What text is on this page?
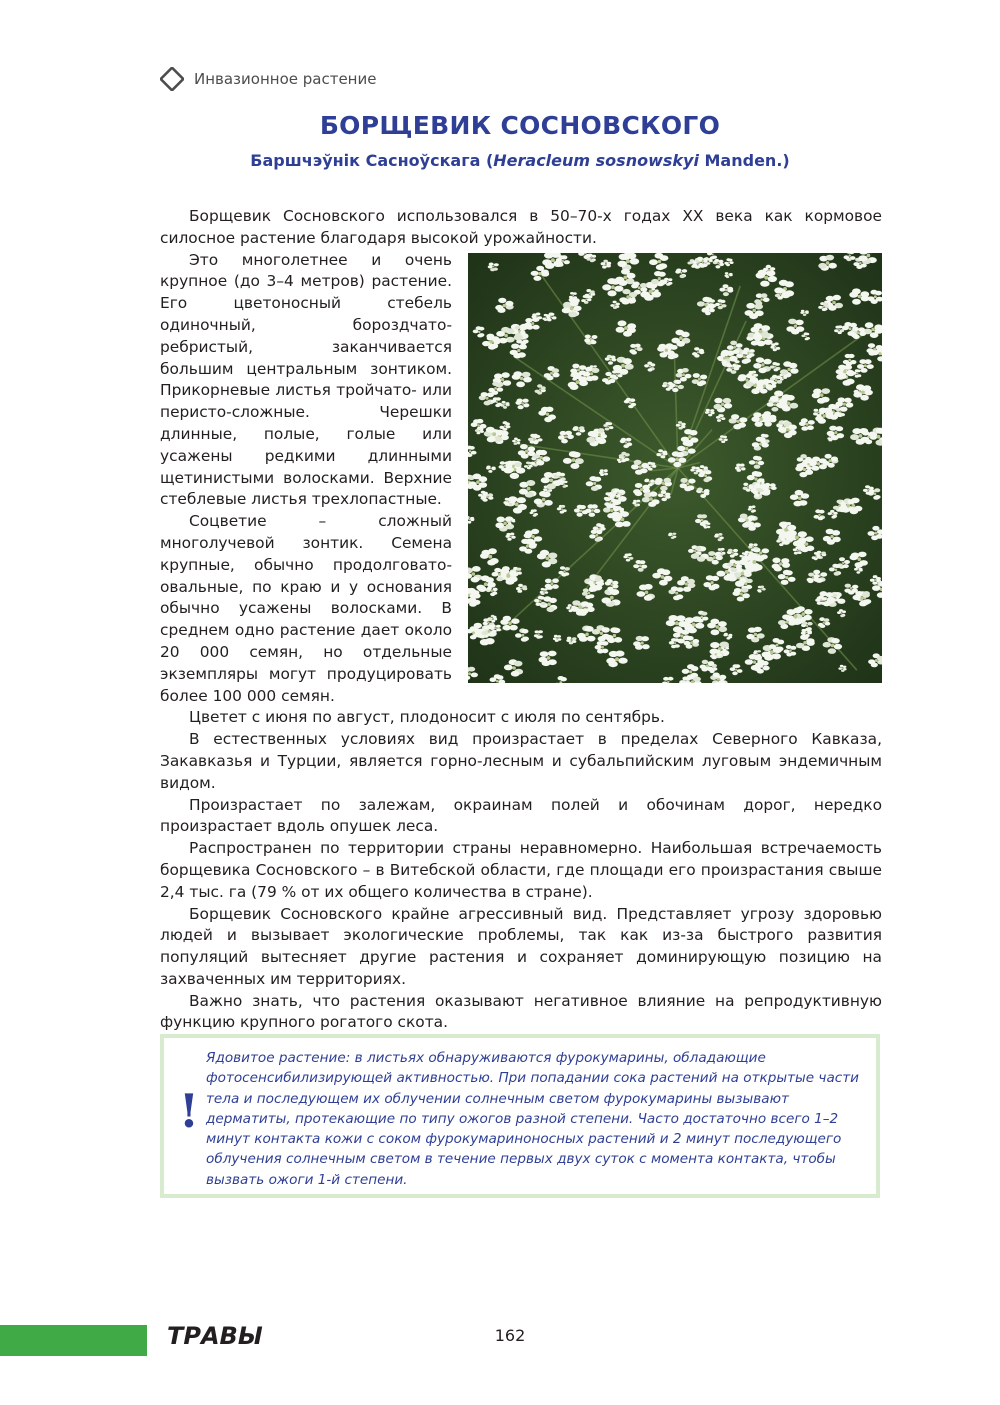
Инвазионное растение
БОРЩЕВИК СОСНОВСКОГО
Баршчэўнік Сасноўскага (Heracleum sosnowskyi Manden.)

Борщевик Сосновского использовался в 50–70-х годах XX века как кормовое силосное растение благодаря высокой урожайности.

Это многолетнее и очень крупное (до 3–4 метров) растение. Его цветоносный стебель одиночный, бороздчато-ребристый, заканчивается большим центральным зонтиком. Прикорневые листья тройчато- или перисто-сложные. Черешки длинные, полые, голые или усажены редкими длинными щетинистыми волосками. Верхние стеблевые листья трехлопастные.

Соцветие – сложный многолучевой зонтик. Семена крупные, обычно продолговато-овальные, по краю и у основания обычно усажены волосками. В среднем одно растение дает около 20 000 семян, но отдельные экземпляры могут продуцировать более 100 000 семян.

Цветет с июня по август, плодоносит с июля по сентябрь.

В естественных условиях вид произрастает в пределах Северного Кавказа, Закавказья и Турции, является горно-лесным и субальпийским луговым эндемичным видом.

Произрастает по залежам, окраинам полей и обочинам дорог, нередко произрастает вдоль опушек леса.

Распространен по территории страны неравномерно. Наибольшая встречаемость борщевика Сосновского – в Витебской области, где площади его произрастания свыше 2,4 тыс. га (79 % от их общего количества в стране).

Борщевик Сосновского крайне агрессивный вид. Представляет угрозу здоровью людей и вызывает экологические проблемы, так как из-за быстрого развития популяций вытесняет другие растения и сохраняет доминирующую позицию на захваченных им территориях.

Важно знать, что растения оказывают негативное влияние на репродуктивную функцию крупного рогатого скота.

!
Ядовитое растение: в листьях обнаруживаются фурокумарины, обладающие фотосенсибилизирующей активностью. При попадании сока растений на открытые части тела и последующем их облучении солнечным светом фурокумарины вызывают дерматиты, протекающие по типу ожогов разной степени. Часто достаточно всего 1–2 минут контакта кожи с соком фурокумариноносных растений и 2 минут последующего облучения солнечным светом в течение первых двух суток с момента контакта, чтобы вызвать ожоги 1-й степени.
ТРАВЫ	162
